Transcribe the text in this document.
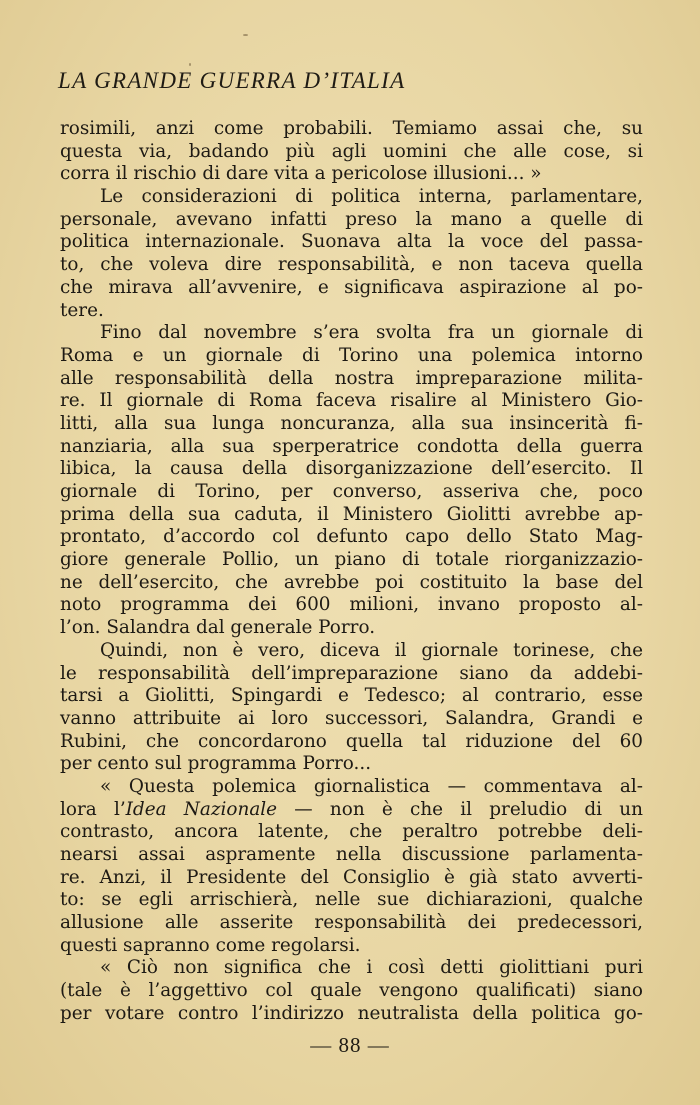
LA GRANDE GUERRA D’ITALIA
rosimili, anzi come probabili. Temiamo assai che, su
questa via, badando più agli uomini che alle cose, si
corra il rischio di dare vita a pericolose illusioni... »
Le considerazioni di politica interna, parlamentare,
personale, avevano infatti preso la mano a quelle di
politica internazionale. Suonava alta la voce del passa-
to, che voleva dire responsabilità, e non taceva quella
che mirava all’avvenire, e significava aspirazione al po-
tere.
Fino dal novembre s’era svolta fra un giornale di
Roma e un giornale di Torino una polemica intorno
alle responsabilità della nostra impreparazione milita-
re. Il giornale di Roma faceva risalire al Ministero Gio-
litti, alla sua lunga noncuranza, alla sua insincerità fi-
nanziaria, alla sua sperperatrice condotta della guerra
libica, la causa della disorganizzazione dell’esercito. Il
giornale di Torino, per converso, asseriva che, poco
prima della sua caduta, il Ministero Giolitti avrebbe ap-
prontato, d’accordo col defunto capo dello Stato Mag-
giore generale Pollio, un piano di totale riorganizzazio-
ne dell’esercito, che avrebbe poi costituito la base del
noto programma dei 600 milioni, invano proposto al-
l’on. Salandra dal generale Porro.
Quindi, non è vero, diceva il giornale torinese, che
le responsabilità dell’impreparazione siano da addebi-
tarsi a Giolitti, Spingardi e Tedesco; al contrario, esse
vanno attribuite ai loro successori, Salandra, Grandi e
Rubini, che concordarono quella tal riduzione del 60
per cento sul programma Porro...
« Questa polemica giornalistica — commentava al-
lora l’Idea Nazionale — non è che il preludio di un
contrasto, ancora latente, che peraltro potrebbe deli-
nearsi assai aspramente nella discussione parlamenta-
re. Anzi, il Presidente del Consiglio è già stato avverti-
to: se egli arrischierà, nelle sue dichiarazioni, qualche
allusione alle asserite responsabilità dei predecessori,
questi sapranno come regolarsi.
« Ciò non significa che i così detti giolittiani puri
(tale è l’aggettivo col quale vengono qualificati) siano
per votare contro l’indirizzo neutralista della politica go-
— 88 —
